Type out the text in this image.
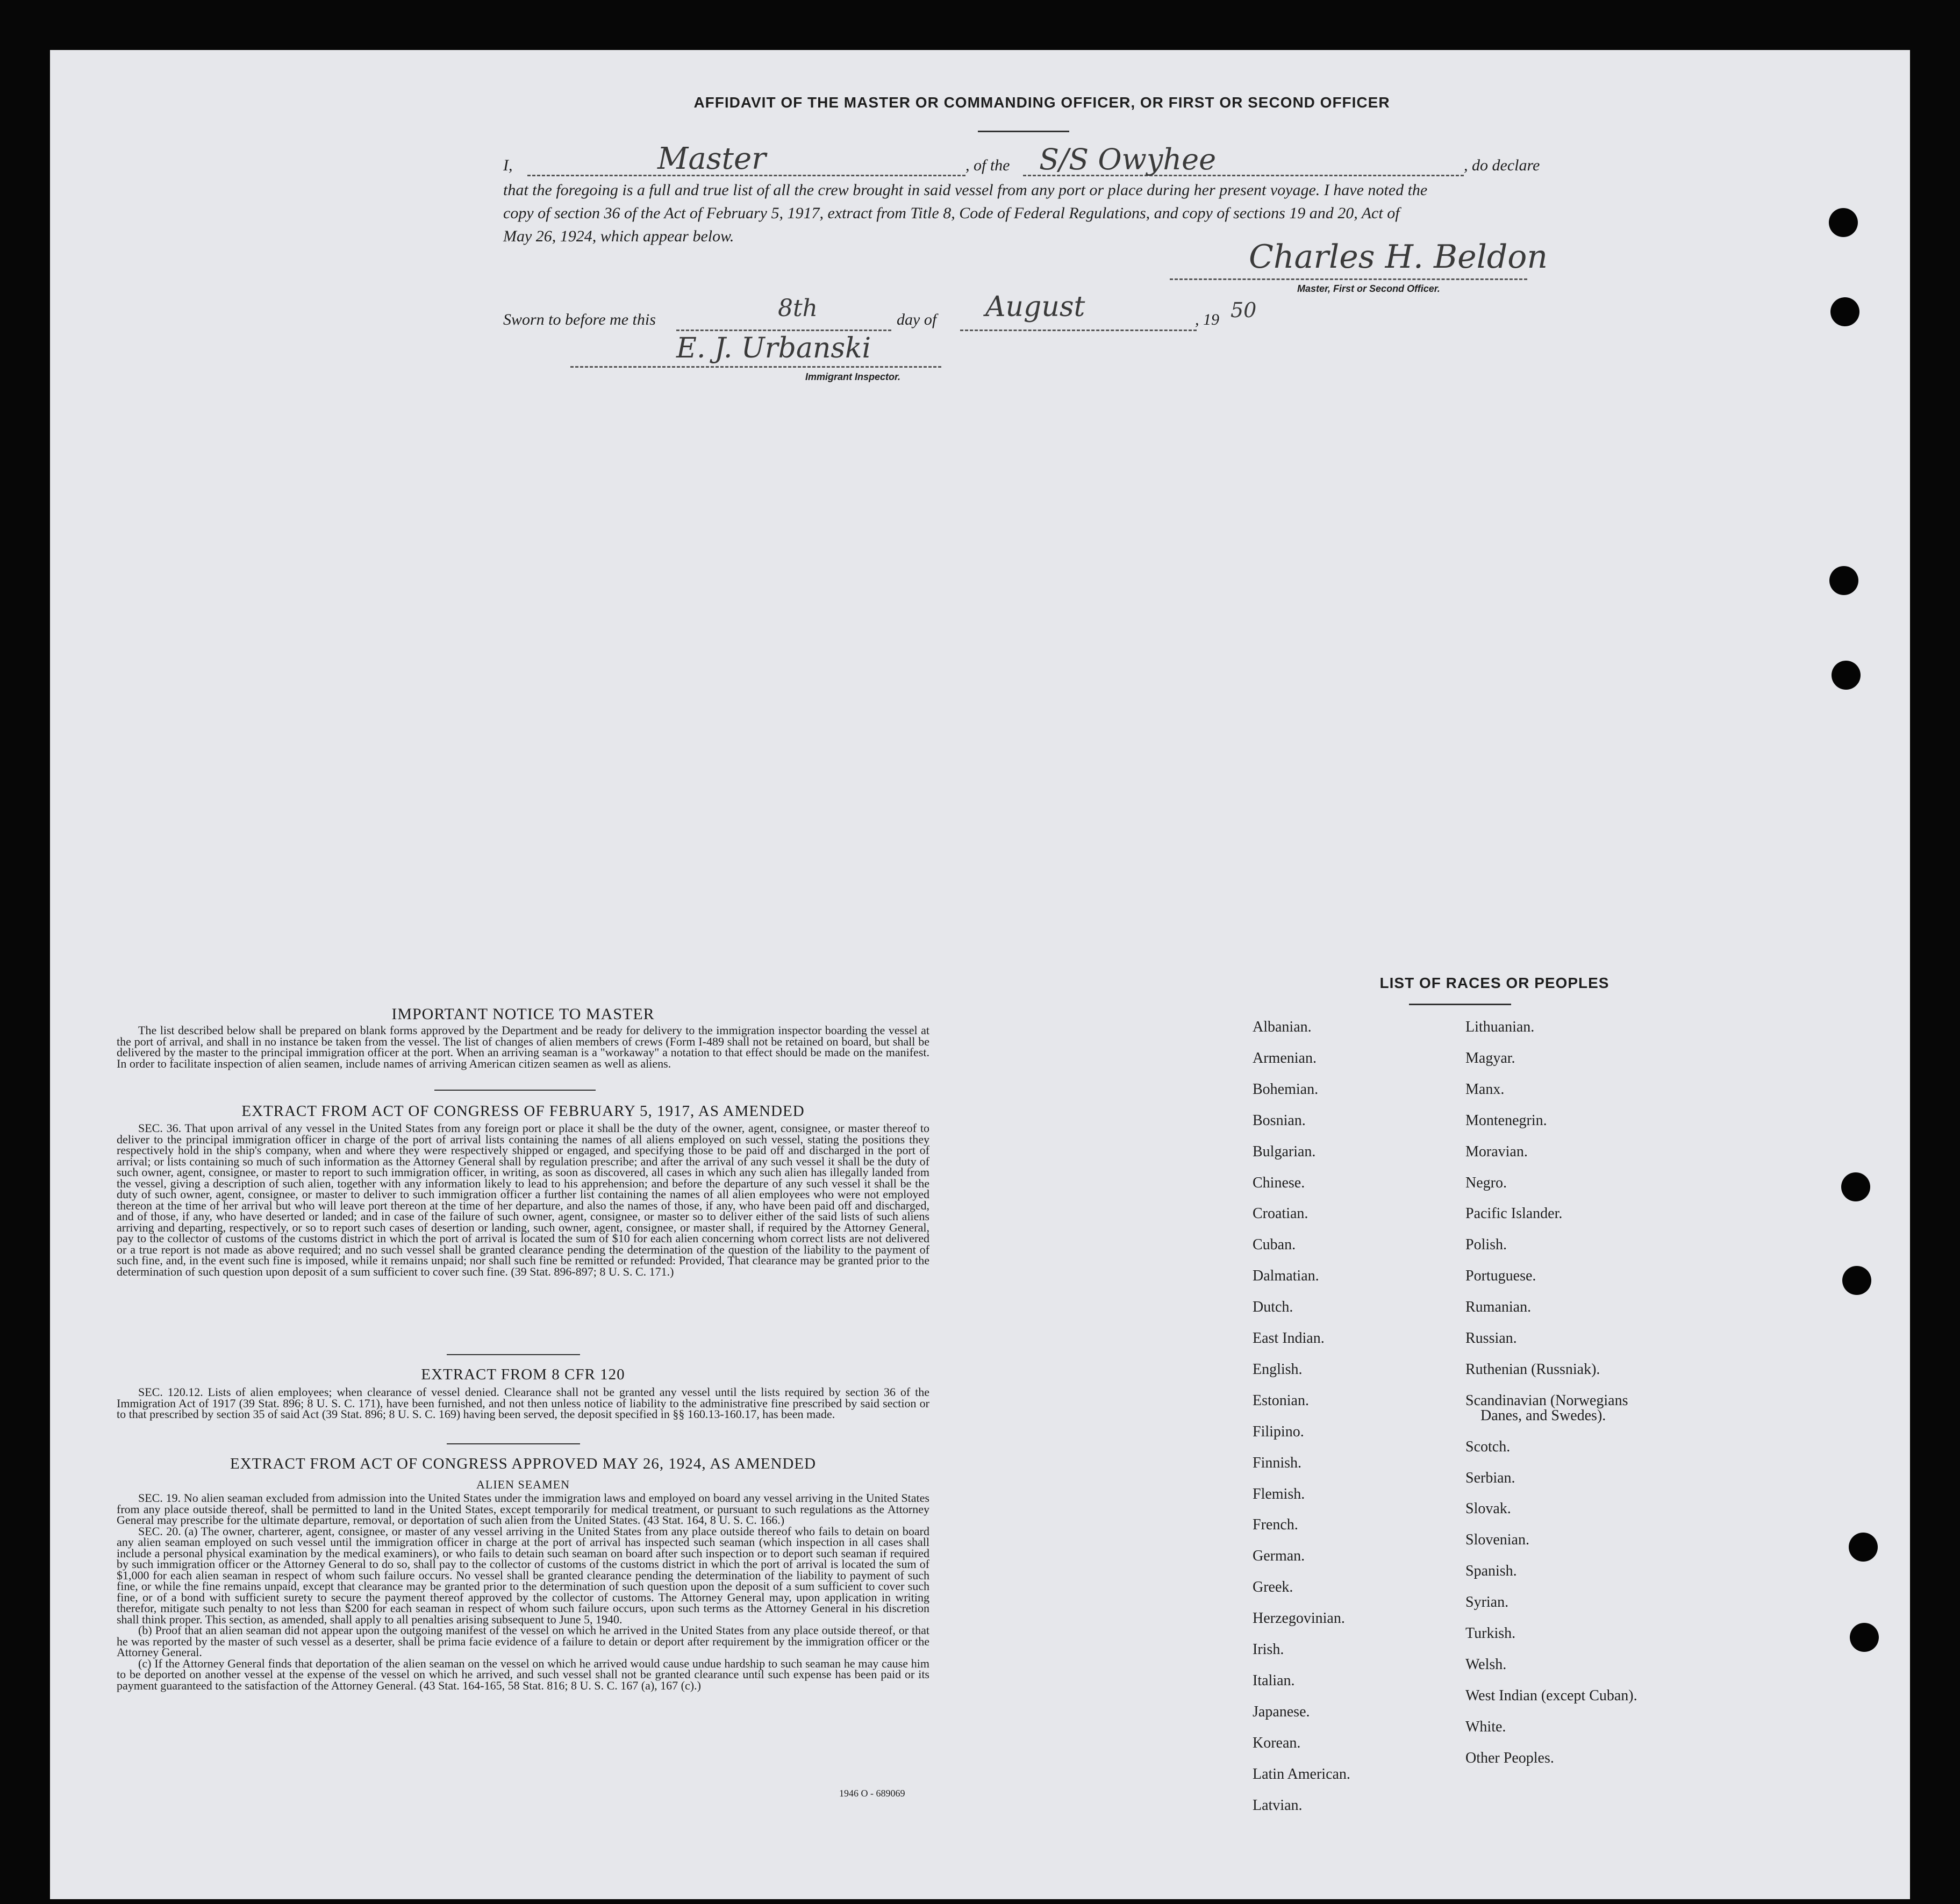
AFFIDAVIT OF THE MASTER OR COMMANDING OFFICER, OR FIRST OR SECOND OFFICER
I,	Master	, of the S/S Owyhee	, do declare
that the foregoing is a full and true list of all the crew brought in said vessel from any port or place during her present voyage. I have noted the
copy of section 36 of the Act of February 5, 1917, extract from Title 8, Code of Federal Regulations, and copy of sections 19 and 20, Act of
May 26, 1924, which appear below.
Charles H. Beldon
Master, First or Second Officer.
Sworn to before me this	8th	day of August	, 19 50
E. J. Urbanski
Immigrant Inspector.
IMPORTANT NOTICE TO MASTER
The list described below shall be prepared on blank forms approved by the Department and be ready for delivery to the immigration inspector boarding the vessel at the port of arrival, and shall in no instance be taken from the vessel. The list of changes of alien members of crews (Form I-489 shall not be retained on board, but shall be delivered by the master to the principal immigration officer at the port. When an arriving seaman is a "workaway" a notation to that effect should be made on the manifest. In order to facilitate inspection of alien seamen, include names of arriving American citizen seamen as well as aliens.
EXTRACT FROM ACT OF CONGRESS OF FEBRUARY 5, 1917, AS AMENDED
SEC. 36. That upon arrival of any vessel in the United States from any foreign port or place it shall be the duty of the owner, agent, consignee, or master thereof to deliver to the principal immigration officer in charge of the port of arrival lists containing the names of all aliens employed on such vessel, stating the positions they respectively hold in the ship's company, when and where they were respectively shipped or engaged, and specifying those to be paid off and discharged in the port of arrival; or lists containing so much of such information as the Attorney General shall by regulation prescribe; and after the arrival of any such vessel it shall be the duty of such owner, agent, consignee, or master to report to such immigration officer, in writing, as soon as discovered, all cases in which any such alien has illegally landed from the vessel, giving a description of such alien, together with any information likely to lead to his apprehension; and before the departure of any such vessel it shall be the duty of such owner, agent, consignee, or master to deliver to such immigration officer a further list containing the names of all alien employees who were not employed thereon at the time of her arrival but who will leave port thereon at the time of her departure, and also the names of those, if any, who have been paid off and discharged, and of those, if any, who have deserted or landed; and in case of the failure of such owner, agent, consignee, or master so to deliver either of the said lists of such aliens arriving and departing, respectively, or so to report such cases of desertion or landing, such owner, agent, consignee, or master shall, if required by the Attorney General, pay to the collector of customs of the customs district in which the port of arrival is located the sum of $10 for each alien concerning whom correct lists are not delivered or a true report is not made as above required; and no such vessel shall be granted clearance pending the determination of the question of the liability to the payment of such fine, and, in the event such fine is imposed, while it remains unpaid; nor shall such fine be remitted or refunded: Provided, That clearance may be granted prior to the determination of such question upon deposit of a sum sufficient to cover such fine. (39 Stat. 896-897; 8 U. S. C. 171.)
EXTRACT FROM 8 CFR 120
SEC. 120.12. Lists of alien employees; when clearance of vessel denied. Clearance shall not be granted any vessel until the lists required by section 36 of the Immigration Act of 1917 (39 Stat. 896; 8 U. S. C. 171), have been furnished, and not then unless notice of liability to the administrative fine prescribed by said section or to that prescribed by section 35 of said Act (39 Stat. 896; 8 U. S. C. 169) having been served, the deposit specified in §§ 160.13-160.17, has been made.
EXTRACT FROM ACT OF CONGRESS APPROVED MAY 26, 1924, AS AMENDED
ALIEN SEAMEN
SEC. 19. No alien seaman excluded from admission into the United States under the immigration laws and employed on board any vessel arriving in the United States from any place outside thereof, shall be permitted to land in the United States, except temporarily for medical treatment, or pursuant to such regulations as the Attorney General may prescribe for the ultimate departure, removal, or deportation of such alien from the United States. (43 Stat. 164, 8 U. S. C. 166.)
SEC. 20. (a) The owner, charterer, agent, consignee, or master of any vessel arriving in the United States from any place outside thereof who fails to detain on board any alien seaman employed on such vessel until the immigration officer in charge at the port of arrival has inspected such seaman (which inspection in all cases shall include a personal physical examination by the medical examiners), or who fails to detain such seaman on board after such inspection or to deport such seaman if required by such immigration officer or the Attorney General to do so, shall pay to the collector of customs of the customs district in which the port of arrival is located the sum of $1,000 for each alien seaman in respect of whom such failure occurs. No vessel shall be granted clearance pending the determination of the liability to payment of such fine, or while the fine remains unpaid, except that clearance may be granted prior to the determination of such question upon the deposit of a sum sufficient to cover such fine, or of a bond with sufficient surety to secure the payment thereof approved by the collector of customs. The Attorney General may, upon application in writing therefor, mitigate such penalty to not less than $200 for each seaman in respect of whom such failure occurs, upon such terms as the Attorney General in his discretion shall think proper. This section, as amended, shall apply to all penalties arising subsequent to June 5, 1940.
(b) Proof that an alien seaman did not appear upon the outgoing manifest of the vessel on which he arrived in the United States from any place outside thereof, or that he was reported by the master of such vessel as a deserter, shall be prima facie evidence of a failure to detain or deport after requirement by the immigration officer or the Attorney General.
(c) If the Attorney General finds that deportation of the alien seaman on the vessel on which he arrived would cause undue hardship to such seaman he may cause him to be deported on another vessel at the expense of the vessel on which he arrived, and such vessel shall not be granted clearance until such expense has been paid or its payment guaranteed to the satisfaction of the Attorney General. (43 Stat. 164-165, 58 Stat. 816; 8 U. S. C. 167 (a), 167 (c).)
1946 O - 689069
LIST OF RACES OR PEOPLES
Albanian.
Armenian.
Bohemian.
Bosnian.
Bulgarian.
Chinese.
Croatian.
Cuban.
Dalmatian.
Dutch.
East Indian.
English.
Estonian.
Filipino.
Finnish.
Flemish.
French.
German.
Greek.
Herzegovinian.
Irish.
Italian.
Japanese.
Korean.
Latin American.
Latvian.
Lithuanian.
Magyar.
Manx.
Montenegrin.
Moravian.
Negro.
Pacific Islander.
Polish.
Portuguese.
Rumanian.
Russian.
Ruthenian (Russniak).
Scandinavian (Norwegians
Danes, and Swedes).
Scotch.
Serbian.
Slovak.
Slovenian.
Spanish.
Syrian.
Turkish.
Welsh.
West Indian (except Cuban).
White.
Other Peoples.
